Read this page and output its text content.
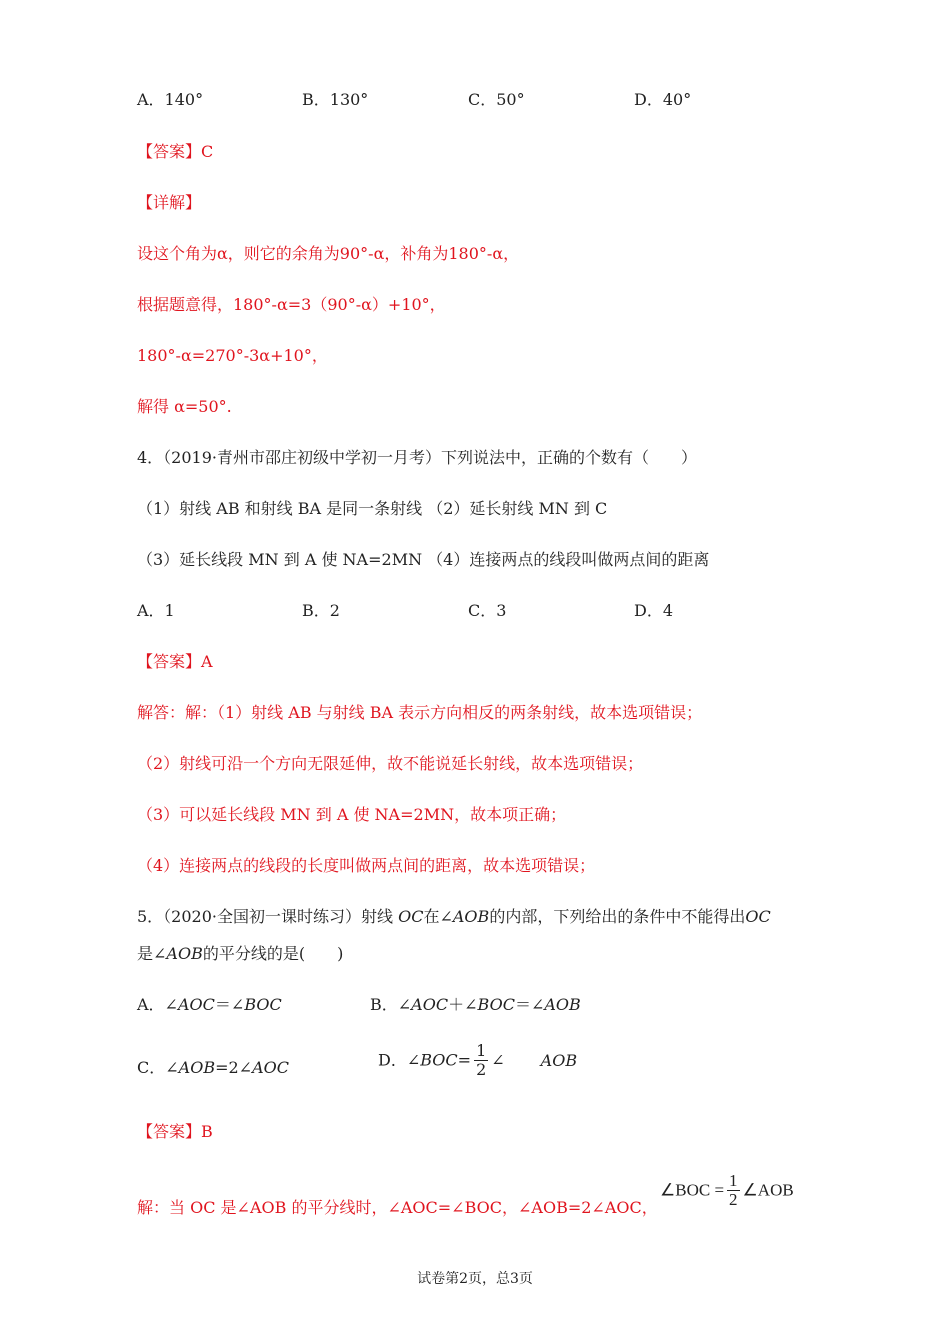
A．140°	B．130°	C．50°	D．40°
【答案】C
【详解】
设这个角为α，则它的余角为90°-α，补角为180°-α，
根据题意得，180°-α=3（90°-α）+10°，
180°-α=270°-3α+10°，
解得 α=50°.
4．（2019·青州市邵庄初级中学初一月考）下列说法中，正确的个数有（　　）
（1）射线 AB 和射线 BA 是同一条射线 （2）延长射线 MN 到 C
（3）延长线段 MN 到 A 使 NA=2MN （4）连接两点的线段叫做两点间的距离
A．1	B．2	C．3	D．4
【答案】A
解答：解：（1）射线 AB 与射线 BA 表示方向相反的两条射线，故本选项错误；
（2）射线可沿一个方向无限延伸，故不能说延长射线，故本选项错误；
（3）可以延长线段 MN 到 A 使 NA=2MN，故本项正确；
（4）连接两点的线段的长度叫做两点间的距离，故本选项错误；
5．（2020·全国初一课时练习）射线 OC在∠AOB的内部，下列给出的条件中不能得出OC
是∠AOB的平分线的是(　　)
A．∠AOC＝∠BOC	B．∠AOC＋∠BOC＝∠AOB
C．∠AOB=2∠AOC	D．∠BOC= $\frac{1}{2}$ ∠ AOB
【答案】B
解：当 OC 是∠AOB 的平分线时，∠AOC=∠BOC，∠AOB=2∠AOC，
∠BOC = $\frac{1}{2}$ ∠AOB
试卷第2页，总3页
